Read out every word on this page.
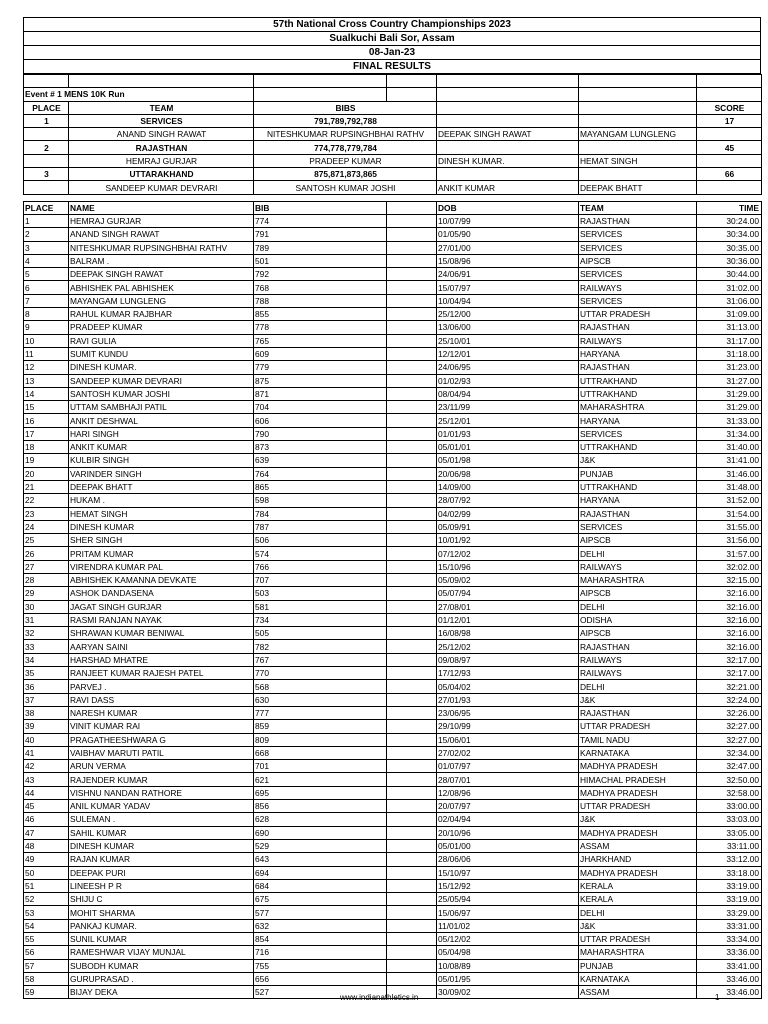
57th National Cross Country Championships 2023
Sualkuchi Bali Sor, Assam
08-Jan-23
FINAL RESULTS

Event # 1 MENS 10K Run						
PLACE	TEAM	BIBS				SCORE
1	SERVICES	791,789,792,788				17
	ANAND SINGH RAWAT	NITESHKUMAR RUPSINGHBHAI RATHV		DEEPAK SINGH RAWAT	MAYANGAM LUNGLENG	
2	RAJASTHAN	774,778,779,784				45
	HEMRAJ GURJAR	PRADEEP KUMAR		DINESH KUMAR.	HEMAT SINGH	
3	UTTARAKHAND	875,871,873,865				66
	SANDEEP KUMAR DEVRARI	SANTOSH KUMAR JOSHI		ANKIT KUMAR	DEEPAK BHATT	

PLACE	NAME	BIB		DOB	TEAM	TIME
1	HEMRAJ GURJAR	774		10/07/99	RAJASTHAN	30:24.00
2	ANAND SINGH RAWAT	791		01/05/90	SERVICES	30:34.00
3	NITESHKUMAR RUPSINGHBHAI RATHV	789		27/01/00	SERVICES	30:35.00
4	BALRAM .	501		15/08/96	AIPSCB	30:36.00
5	DEEPAK SINGH RAWAT	792		24/06/91	SERVICES	30:44.00
6	ABHISHEK PAL ABHISHEK	768		15/07/97	RAILWAYS	31:02.00
7	MAYANGAM LUNGLENG	788		10/04/94	SERVICES	31:06.00
8	RAHUL KUMAR RAJBHAR	855		25/12/00	UTTAR PRADESH	31:09.00
9	PRADEEP KUMAR	778		13/06/00	RAJASTHAN	31:13.00
10	RAVI GULIA	765		25/10/01	RAILWAYS	31:17.00
11	SUMIT KUNDU	609		12/12/01	HARYANA	31:18.00
12	DINESH KUMAR.	779		24/06/95	RAJASTHAN	31:23.00
13	SANDEEP KUMAR DEVRARI	875		01/02/93	UTTRAKHAND	31:27.00
14	SANTOSH KUMAR JOSHI	871		08/04/94	UTTRAKHAND	31:29.00
15	UTTAM SAMBHAJI PATIL	704		23/11/99	MAHARASHTRA	31:29.00
16	ANKIT DESHWAL	606		25/12/01	HARYANA	31:33.00
17	HARI SINGH	790		01/01/93	SERVICES	31:34.00
18	ANKIT KUMAR	873		05/01/01	UTTRAKHAND	31:40.00
19	KULBIR SINGH	639		05/01/98	J&K	31:41.00
20	VARINDER SINGH	764		20/06/98	PUNJAB	31:46.00
21	DEEPAK BHATT	865		14/09/00	UTTRAKHAND	31:48.00
22	HUKAM .	598		28/07/92	HARYANA	31:52.00
23	HEMAT SINGH	784		04/02/99	RAJASTHAN	31:54.00
24	DINESH KUMAR	787		05/09/91	SERVICES	31:55.00
25	SHER SINGH	506		10/01/92	AIPSCB	31:56.00
26	PRITAM KUMAR	574		07/12/02	DELHI	31:57.00
27	VIRENDRA KUMAR PAL	766		15/10/96	RAILWAYS	32:02.00
28	ABHISHEK KAMANNA DEVKATE	707		05/09/02	MAHARASHTRA	32:15.00
29	ASHOK DANDASENA	503		05/07/94	AIPSCB	32:16.00
30	JAGAT SINGH GURJAR	581		27/08/01	DELHI	32:16.00
31	RASMI RANJAN NAYAK	734		01/12/01	ODISHA	32:16.00
32	SHRAWAN KUMAR BENIWAL	505		16/08/98	AIPSCB	32:16.00
33	AARYAN SAINI	782		25/12/02	RAJASTHAN	32:16.00
34	HARSHAD MHATRE	767		09/08/97	RAILWAYS	32:17.00
35	RANJEET KUMAR RAJESH PATEL	770		17/12/93	RAILWAYS	32:17.00
36	PARVEJ .	568		05/04/02	DELHI	32:21.00
37	RAVI DASS	630		27/01/93	J&K	32:24.00
38	NARESH KUMAR	777		23/06/95	RAJASTHAN	32:26.00
39	VINIT KUMAR RAI	859		29/10/99	UTTAR PRADESH	32:27.00
40	PRAGATHEESHWARA G	809		15/06/01	TAMIL NADU	32:27.00
41	VAIBHAV MARUTI PATIL	668		27/02/02	KARNATAKA	32:34.00
42	ARUN VERMA	701		01/07/97	MADHYA PRADESH	32:47.00
43	RAJENDER KUMAR	621		28/07/01	HIMACHAL PRADESH	32:50.00
44	VISHNU NANDAN RATHORE	695		12/08/96	MADHYA PRADESH	32:58.00
45	ANIL KUMAR YADAV	856		20/07/97	UTTAR PRADESH	33:00.00
46	SULEMAN .	628		02/04/94	J&K	33:03.00
47	SAHIL KUMAR	690		20/10/96	MADHYA PRADESH	33:05.00
48	DINESH KUMAR	529		05/01/00	ASSAM	33:11.00
49	RAJAN KUMAR	643		28/06/06	JHARKHAND	33:12.00
50	DEEPAK PURI	694		15/10/97	MADHYA PRADESH	33:18.00
51	LINEESH P R	684		15/12/92	KERALA	33:19.00
52	SHIJU C	675		25/05/94	KERALA	33:19.00
53	MOHIT SHARMA	577		15/06/97	DELHI	33:29.00
54	PANKAJ KUMAR.	632		11/01/02	J&K	33:31.00
55	SUNIL KUMAR	854		05/12/02	UTTAR PRADESH	33:34.00
56	RAMESHWAR VIJAY MUNJAL	716		05/04/98	MAHARASHTRA	33:36.00
57	SUBODH KUMAR	755		10/08/89	PUNJAB	33:41.00
58	GURUPRASAD .	656		05/01/95	KARNATAKA	33:46.00
59	BIJAY DEKA	527		30/09/02	ASSAM	33:46.00
www.indianathletics.in	1
